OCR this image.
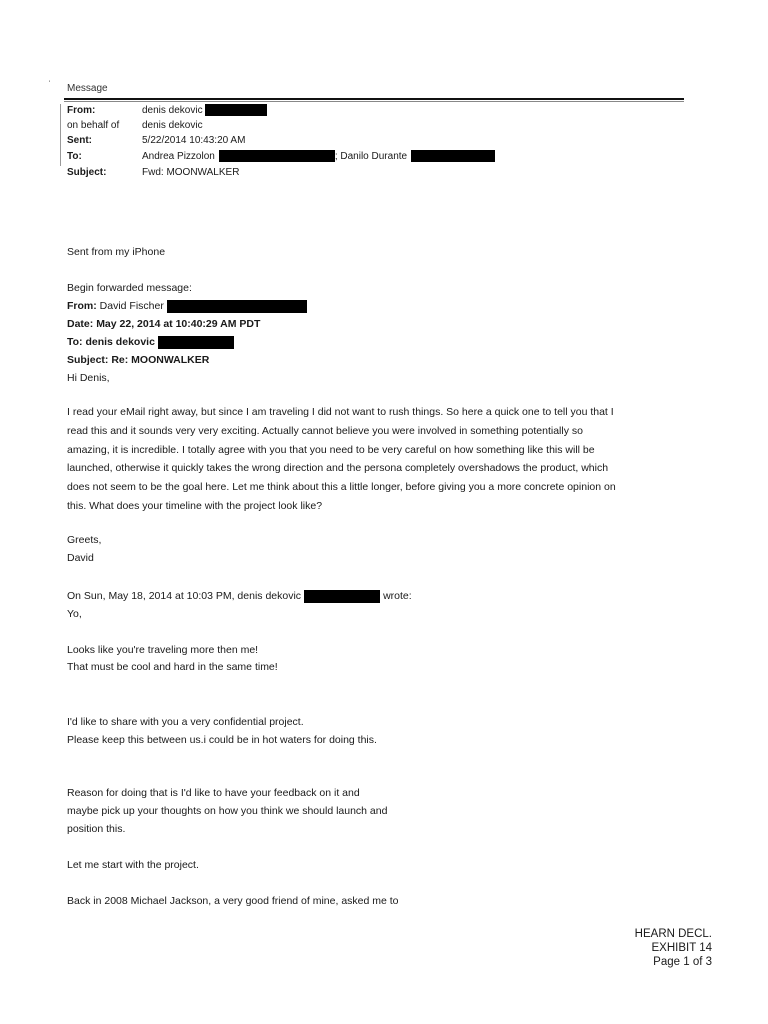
ˈ Message
From:	denis dekovic
on behalf of	denis dekovic
Sent:	5/22/2014 10:43:20 AM
To:	Andrea Pizzolon	; Danilo Durante
Subject:	Fwd: MOONWALKER
Sent from my iPhone
Begin forwarded message:
From: David Fischer
Date: May 22, 2014 at 10:40:29 AM PDT
To: denis dekovic
Subject: Re: MOONWALKER
Hi Denis,
I read your eMail right away, but since I am traveling I did not want to rush things. So here a quick one to tell you that I
read this and it sounds very very exciting. Actually cannot believe you were involved in something potentially so
amazing, it is incredible. I totally agree with you that you need to be very careful on how something like this will be
launched, otherwise it quickly takes the wrong direction and the persona completely overshadows the product, which
does not seem to be the goal here. Let me think about this a little longer, before giving you a more concrete opinion on
this. What does your timeline with the project look like?
Greets,
David
On Sun, May 18, 2014 at 10:03 PM, denis dekovic	wrote:
Yo,
Looks like you're traveling more then me!
That must be cool and hard in the same time!
I'd like to share with you a very confidential project.
Please keep this between us.i could be in hot waters for doing this.
Reason for doing that is I'd like to have your feedback on it and
maybe pick up your thoughts on how you think we should launch and
position this.
Let me start with the project.
Back in 2008 Michael Jackson, a very good friend of mine, asked me to
HEARN DECL.
EXHIBIT 14
Page 1 of 3
